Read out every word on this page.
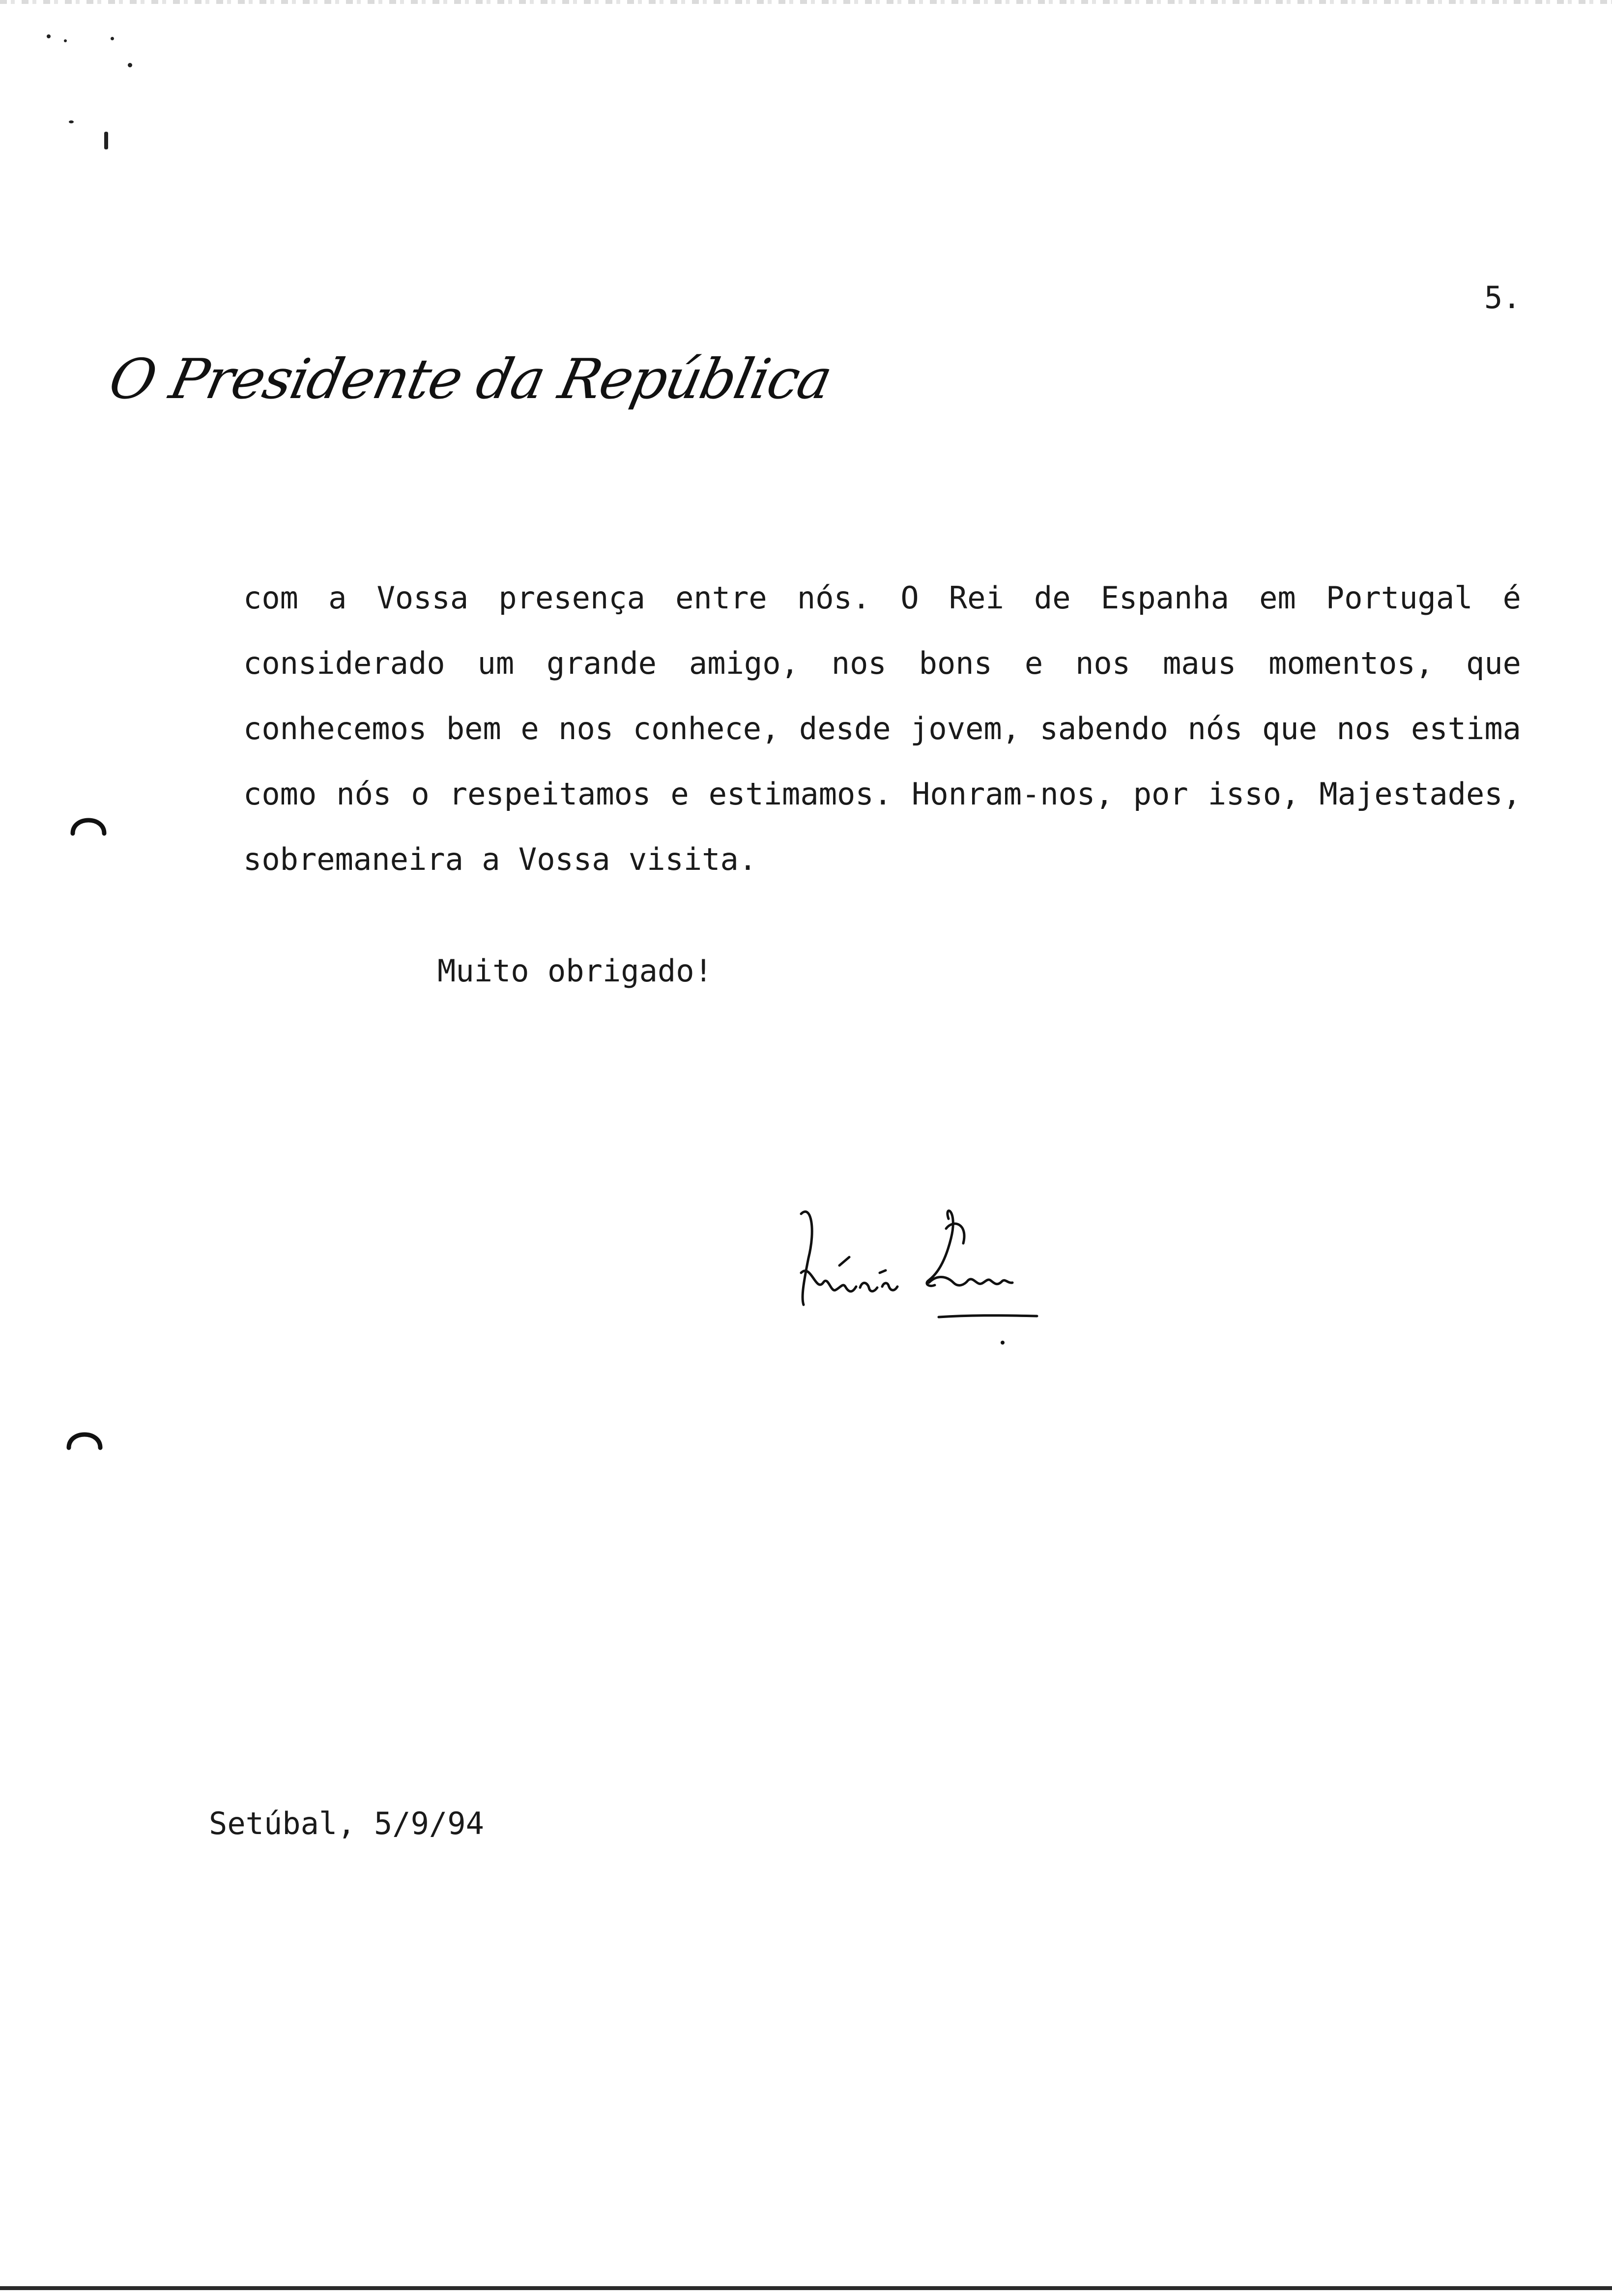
5.
O Presidente da República
com a Vossa presença entre nós. O Rei de Espanha em Portugal é considerado um grande amigo, nos bons e nos maus momentos, que conhecemos bem e nos conhece, desde jovem, sabendo nós que nos estima como nós o respeitamos e estimamos. Honram-nos, por isso, Majestades, sobremaneira a Vossa visita.
Muito obrigado!
Mário Soares
Setúbal, 5/9/94
